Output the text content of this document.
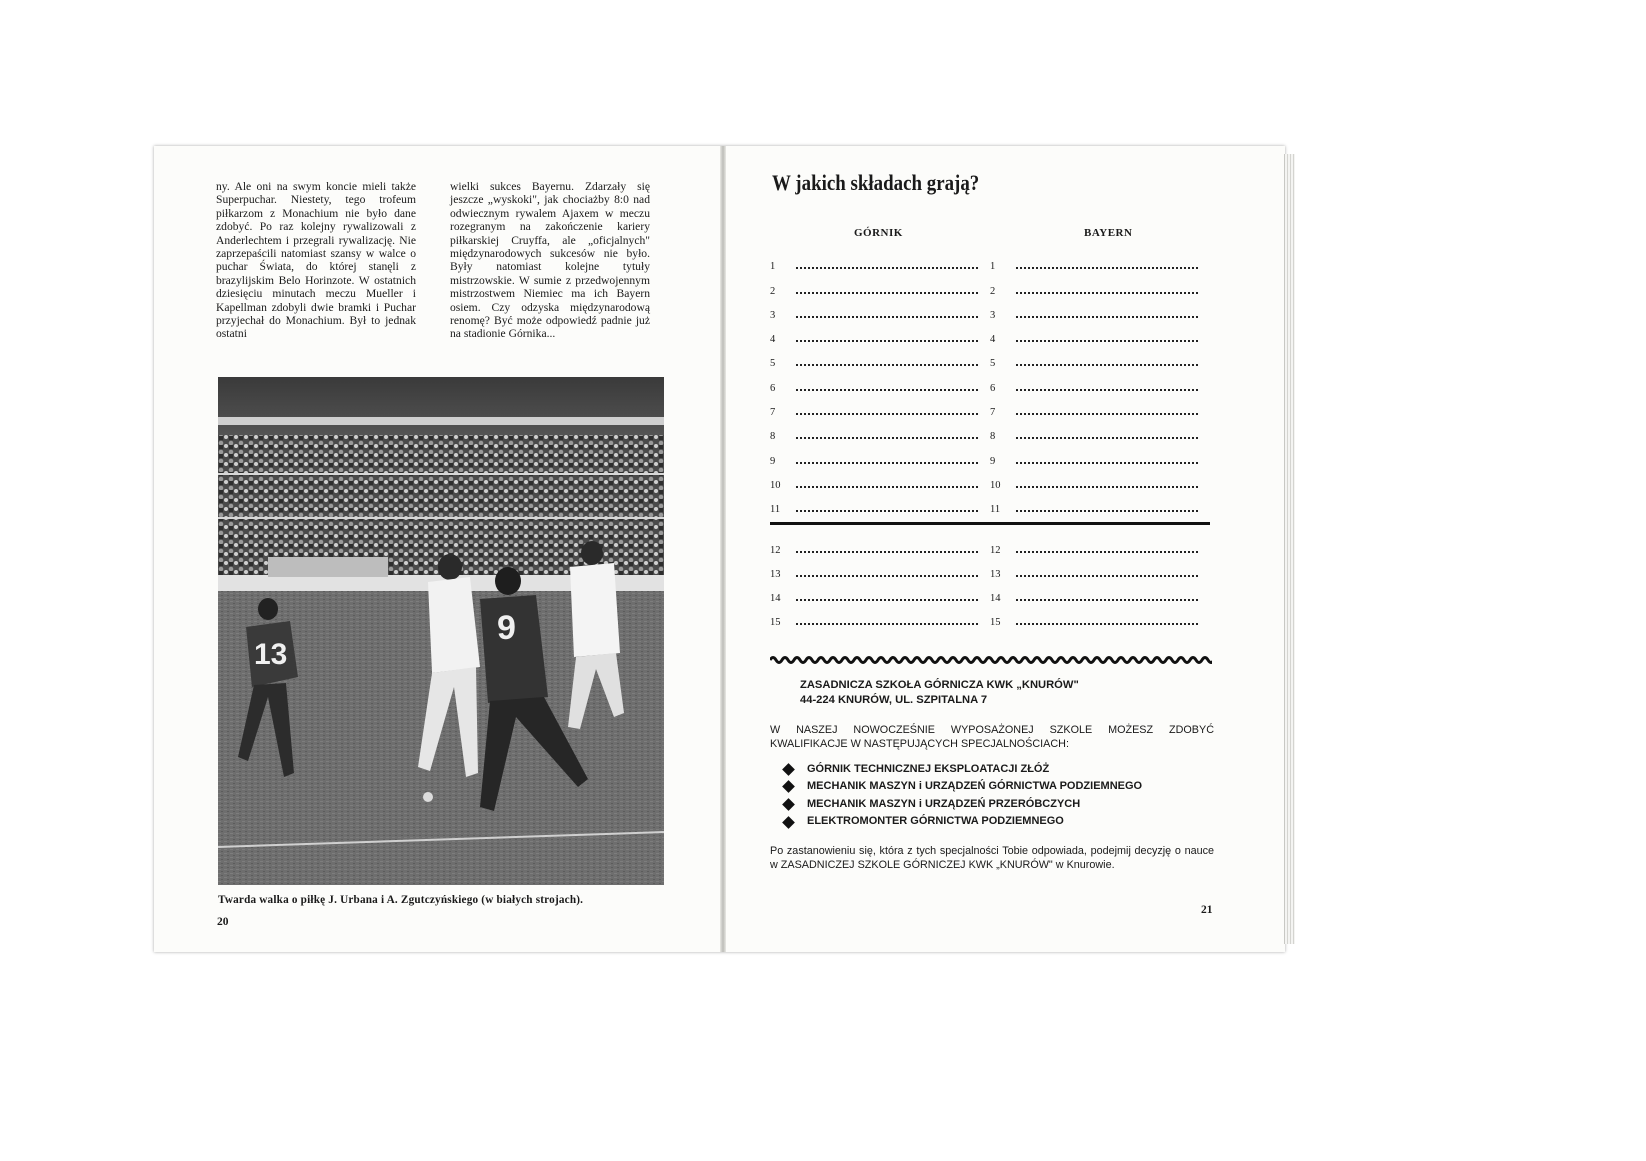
ny. Ale oni na swym koncie mieli także Superpuchar. Niestety, tego trofeum piłkarzom z Monachium nie było dane zdobyć. Po raz kolejny rywalizowali z Anderlechtem i przegrali rywalizację. Nie zaprzepaścili natomiast szansy w walce o puchar Świata, do której stanęli z brazylijskim Belo Horinzote. W ostatnich dziesięciu minutach meczu Mueller i Kapellman zdobyli dwie bramki i Puchar przyjechał do Monachium. Był to jednak ostatni

wielki sukces Bayernu. Zdarzały się jeszcze „wyskoki", jak chociażby 8:0 nad odwiecznym rywalem Ajaxem w meczu rozegranym na zakończenie kariery piłkarskiej Cruyffa, ale „oficjalnych" międzynarodowych sukcesów nie było. Były natomiast kolejne tytuły mistrzowskie. W sumie z przedwojennym mistrzostwem Niemiec ma ich Bayern osiem. Czy odzyska międzynarodową renomę? Być może odpowiedź padnie już na stadionie Górnika...

13
9
Twarda walka o piłkę J. Urbana i A. Zgutczyńskiego (w białych strojach).
20
W jakich składach grają?
GÓRNIK	BAYERN
1	1
2	2
3	3
4	4
5	5
6	6
7	7
8	8
9	9
10	10
11	11
12	12
13	13
14	14
15	15
ZASADNICZA SZKOŁA GÓRNICZA KWK „KNURÓW"
44-224 KNURÓW, UL. SZPITALNA 7

W NASZEJ NOWOCZEŚNIE WYPOSAŻONEJ SZKOLE MOŻESZ ZDOBYĆ KWALIFIKACJE W NASTĘPUJĄCYCH SPECJALNOŚCIACH:

GÓRNIK TECHNICZNEJ EKSPLOATACJI ZŁÓŻ
MECHANIK MASZYN i URZĄDZEŃ GÓRNICTWA PODZIEMNEGO
MECHANIK MASZYN i URZĄDZEŃ PRZERÓBCZYCH
ELEKTROMONTER GÓRNICTWA PODZIEMNEGO

Po zastanowieniu się, która z tych specjalności Tobie odpowiada, podejmij decyzję o nauce w ZASADNICZEJ SZKOLE GÓRNICZEJ KWK „KNURÓW" w Knurowie.

21
